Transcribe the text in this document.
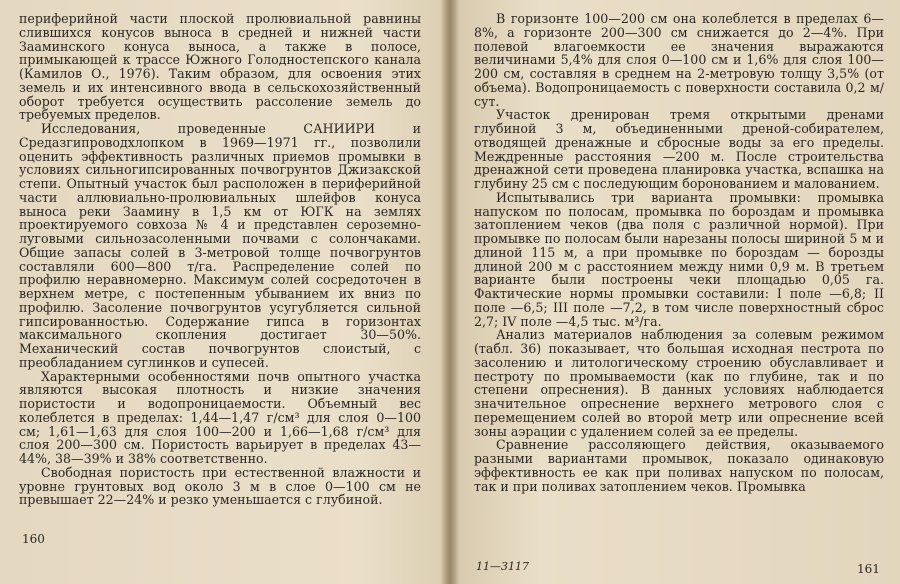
периферийной части плоской пролювиальной равнины слившихся конусов выноса в средней и нижней части Зааминского конуса выноса, а также в полосе, примыкающей к трассе Южного Голодностепского канала (Камилов О., 1976). Таким образом, для освоения этих земель и их интенсивного ввода в сельскохозяйственный оборот требуется осуществить рассоление земель до требуемых пределов.

Исследования, проведенные САНИИРИ и Средазгипроводхлопком в 1969—1971 гг., позволили оценить эффективность различных приемов промывки в условиях сильногипсированных почвогрунтов Джизакской степи. Опытный участок был расположен в периферийной части аллювиально-пролювиальных шлейфов конуса выноса реки Заамину в 1,5 км от ЮГК на землях проектируемого совхоза № 4 и представлен сероземно-луговыми сильнозасоленными почвами с солончаками. Общие запасы солей в 3-метровой толще почвогрунтов составляли 600—800 т/га. Распределение солей по профилю неравномерно. Максимум солей сосредоточен в верхнем метре, с постепенным убыванием их вниз по профилю. Засоление почвогрунтов усугубляется сильной гипсированностью. Содержание гипса в горизонтах максимального скопления достигает 30—50%. Механический состав почвогрунтов слоистый, с преобладанием суглинков и супесей.

Характерными особенностями почв опытного участка являются высокая плотность и низкие значения пористости и водопроницаемости. Объемный вес колеблется в пределах: 1,44—1,47 г/см³ для слоя 0—100 см; 1,61—1,63 для слоя 100—200 и 1,66—1,68 г/см³ для слоя 200—300 см. Пористость варьирует в пределах 43—44%, 38—39% и 38% соответственно.

Свободная пористость при естественной влажности и уровне грунтовых вод около 3 м в слое 0—100 см не превышает 22—24% и резко уменьшается с глубиной.

160

В горизонте 100—200 см она колеблется в пределах 6—8%, а горизонте 200—300 см снижается до 2—4%. При полевой влагоемкости ее значения выражаются величинами 5,4% для слоя 0—100 см и 1,6% для слоя 100—200 см, составляя в среднем на 2-метровую толщу 3,5% (от объема). Водопроницаемость с поверхности составила 0,2 м/сут.

Участок дренирован тремя открытыми дренами глубиной 3 м, объединенными дреной-собирателем, отводящей дренажные и сбросные воды за его пределы. Междренные расстояния —200 м. После строительства дренажной сети проведена планировка участка, вспашка на глубину 25 см с последующим боронованием и малованием.

Испытывались три варианта промывки: промывка напуском по полосам, промывка по бороздам и промывка затоплением чеков (два поля с различной нормой). При промывке по полосам были нарезаны полосы шириной 5 м и длиной 115 м, а при промывке по бороздам — борозды длиной 200 м с расстоянием между ними 0,9 м. В третьем варианте были построены чеки площадью 0,05 га. Фактические нормы промывки составили: I поле —6,8; II поле —6,5; III поле —7,2, в том числе поверхностный сброс 2,7; IV поле —4,5 тыс. м³/га.

Анализ материалов наблюдения за солевым режимом (табл. 36) показывает, что большая исходная пестрота по засолению и литологическому строению обуславливает и пестроту по промываемости (как по глубине, так и по степени опреснения). В данных условиях наблюдается значительное опреснение верхнего метрового слоя с перемещением солей во второй метр или опреснение всей зоны аэрации с удалением солей за ее пределы.

Сравнение рассоляющего действия, оказываемого разными вариантами промывок, показало одинаковую эффективность ее как при поливах напуском по полосам, так и при поливах затоплением чеков. Промывка

11—3117	161
